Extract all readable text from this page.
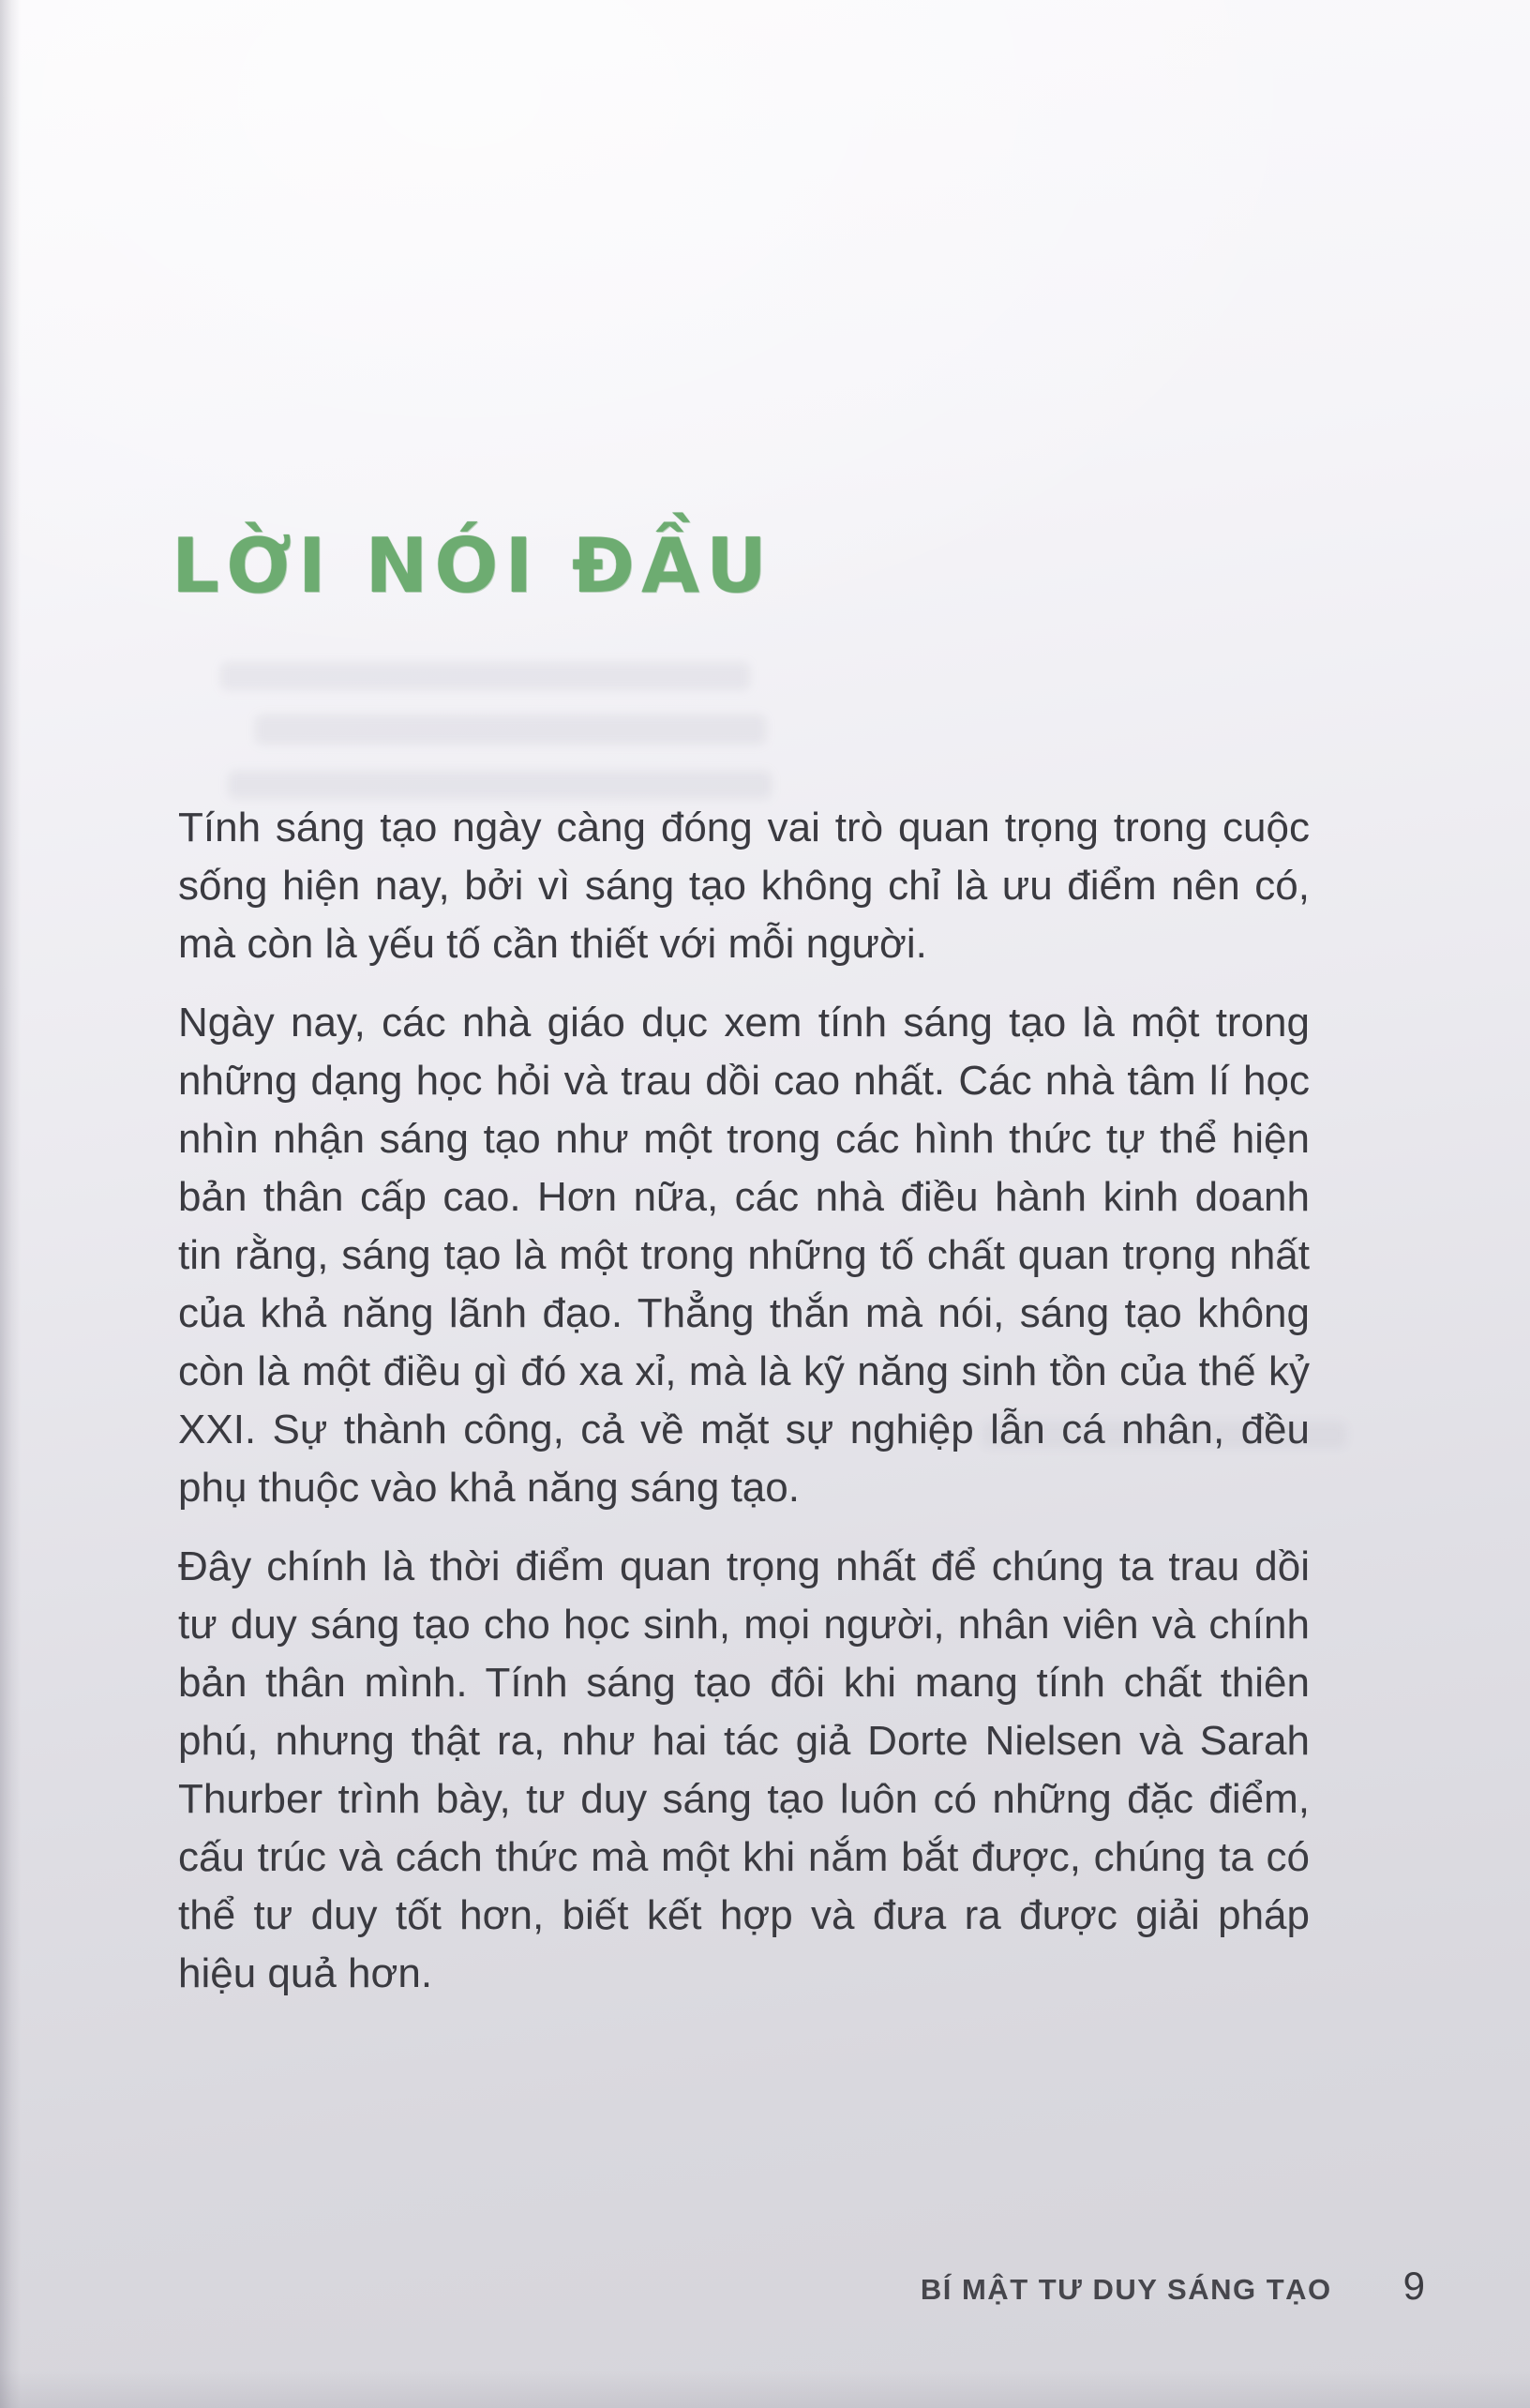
LỜI NÓI ĐẦU

Tính sáng tạo ngày càng đóng vai trò quan trọng trong cuộc sống hiện nay, bởi vì sáng tạo không chỉ là ưu điểm nên có, mà còn là yếu tố cần thiết với mỗi người.

Ngày nay, các nhà giáo dục xem tính sáng tạo là một trong những dạng học hỏi và trau dồi cao nhất. Các nhà tâm lí học nhìn nhận sáng tạo như một trong các hình thức tự thể hiện bản thân cấp cao. Hơn nữa, các nhà điều hành kinh doanh tin rằng, sáng tạo là một trong những tố chất quan trọng nhất của khả năng lãnh đạo. Thẳng thắn mà nói, sáng tạo không còn là một điều gì đó xa xỉ, mà là kỹ năng sinh tồn của thế kỷ XXI. Sự thành công, cả về mặt sự nghiệp lẫn cá nhân, đều phụ thuộc vào khả năng sáng tạo.

Đây chính là thời điểm quan trọng nhất để chúng ta trau dồi tư duy sáng tạo cho học sinh, mọi người, nhân viên và chính bản thân mình. Tính sáng tạo đôi khi mang tính chất thiên phú, nhưng thật ra, như hai tác giả Dorte Nielsen và Sarah Thurber trình bày, tư duy sáng tạo luôn có những đặc điểm, cấu trúc và cách thức mà một khi nắm bắt được, chúng ta có thể tư duy tốt hơn, biết kết hợp và đưa ra được giải pháp hiệu quả hơn.

BÍ MẬT TƯ DUY SÁNG TẠO 9
